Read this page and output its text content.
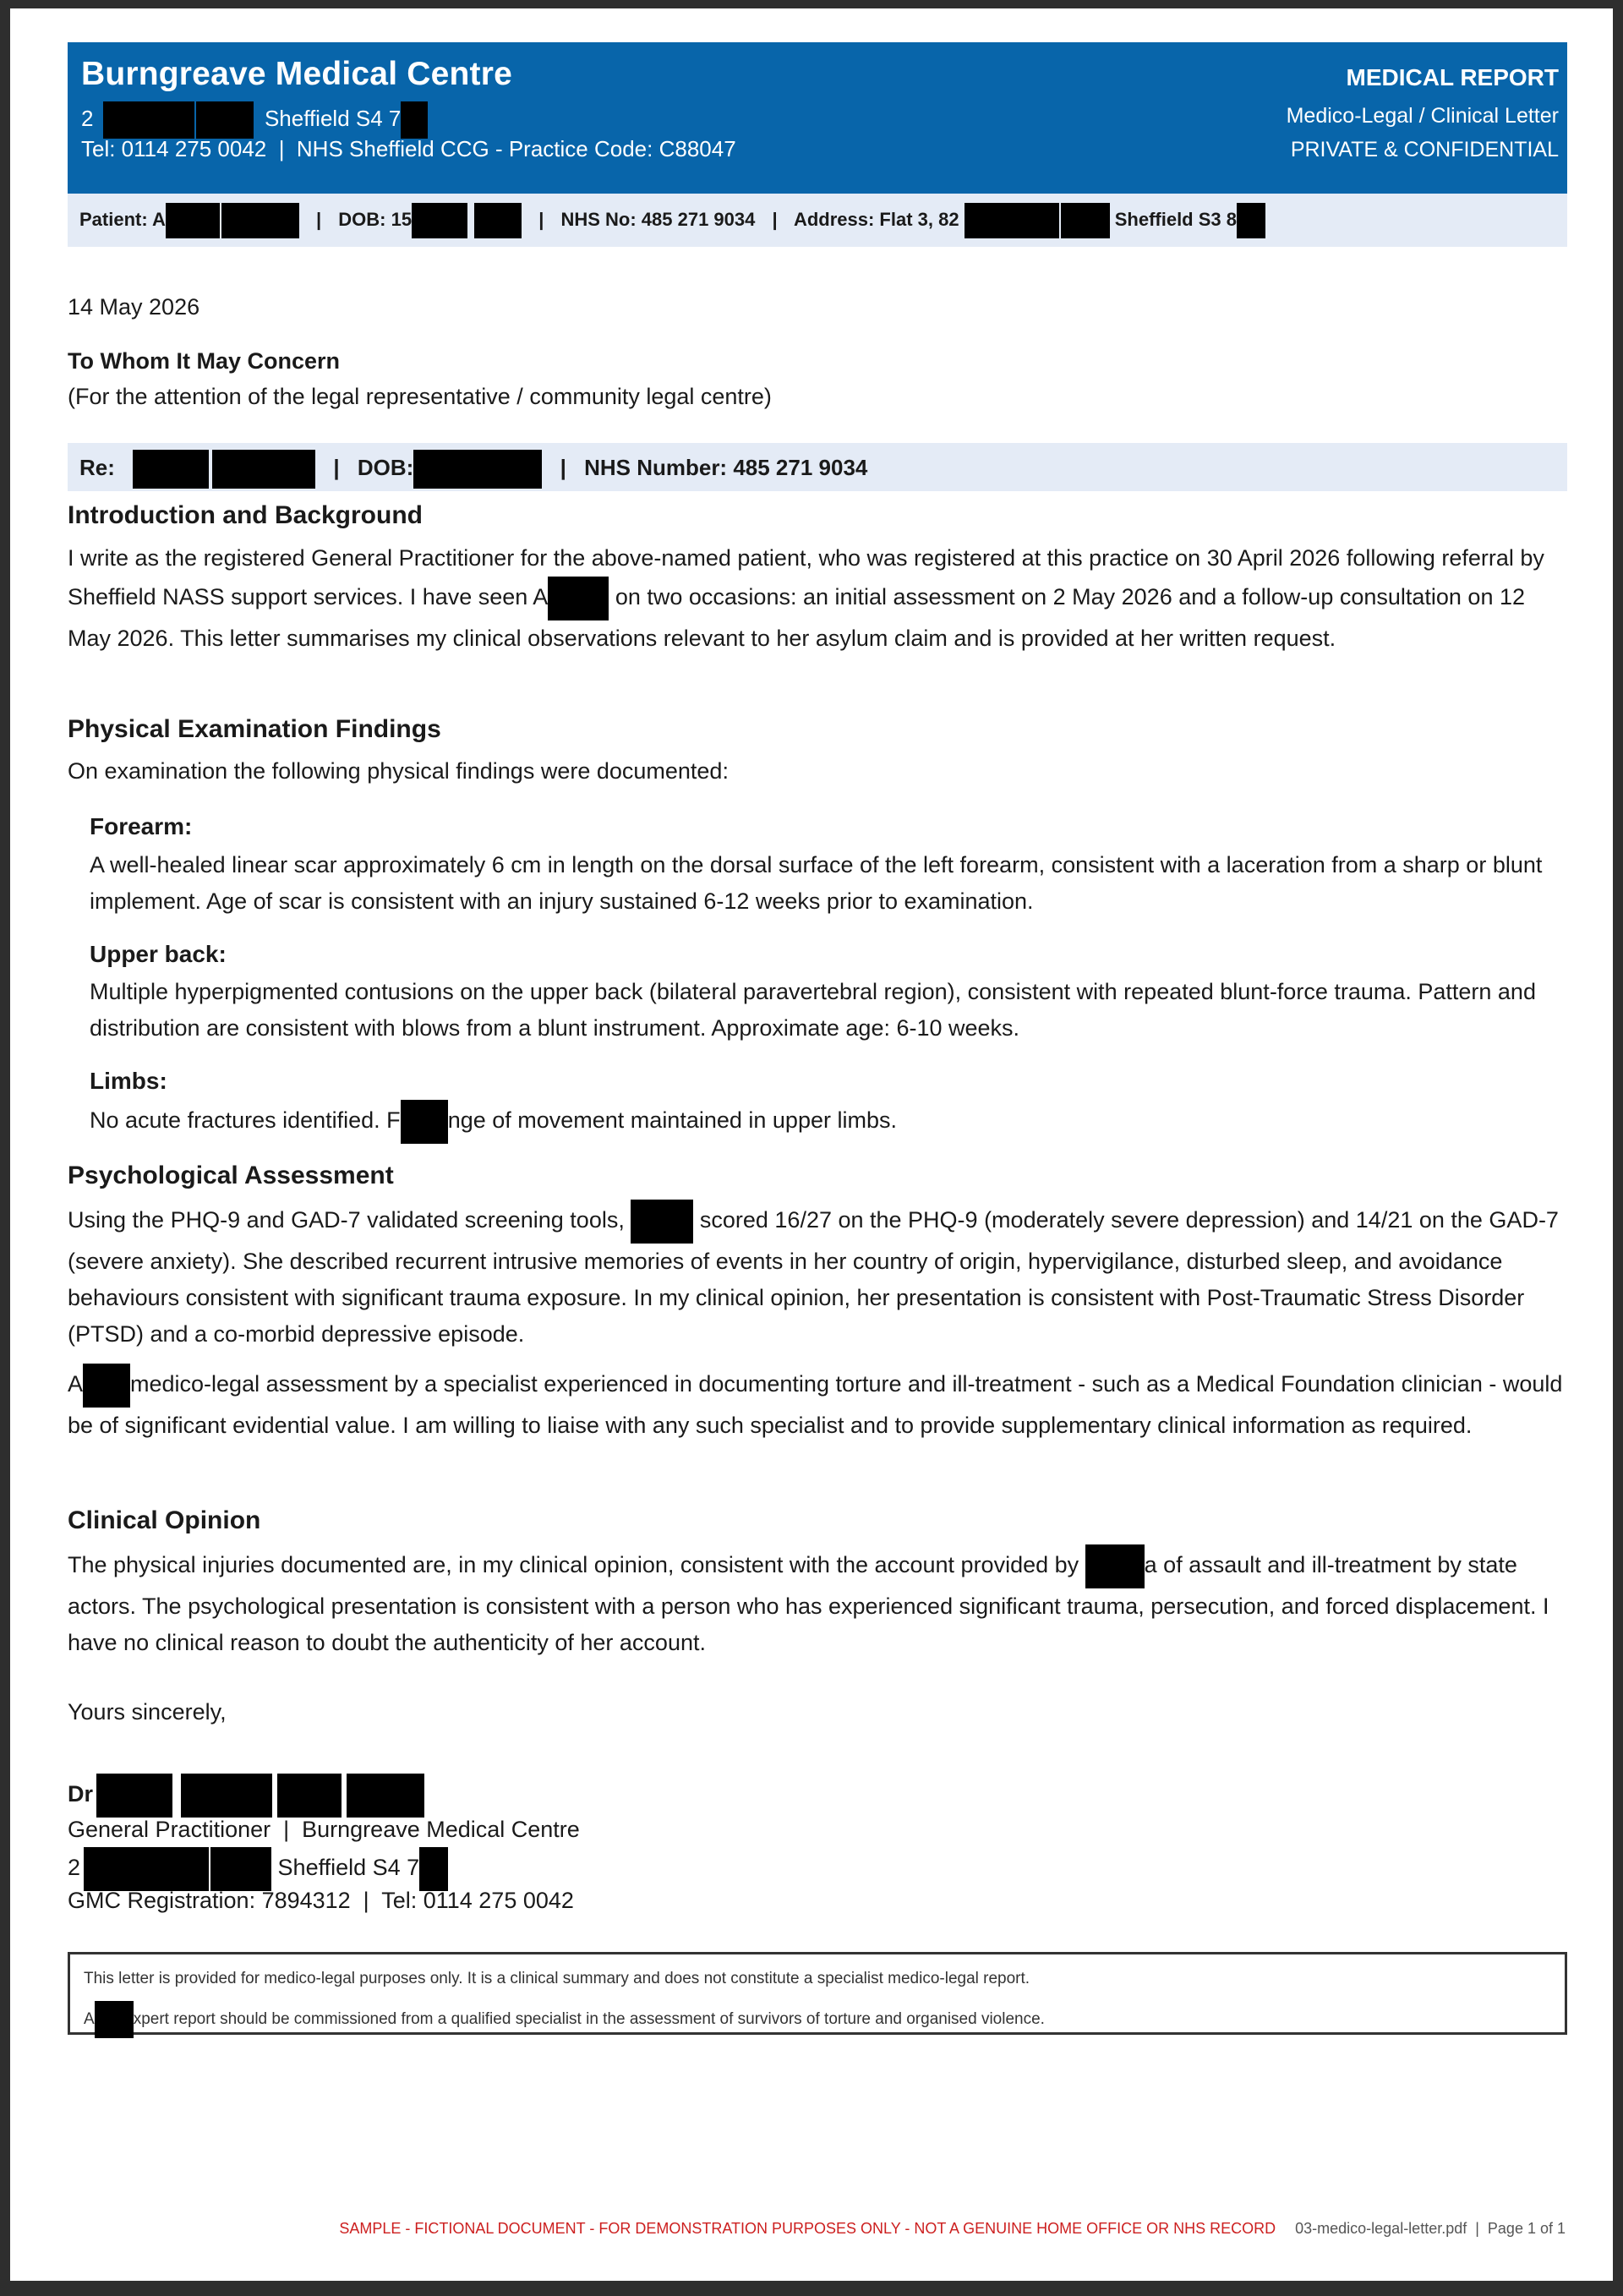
Burngreave Medical Centre
2	Sheffield S4 7
Tel: 0114 275 0042  |  NHS Sheffield CCG - Practice Code: C88047
MEDICAL REPORT
Medico-Legal / Clinical Letter
PRIVATE & CONFIDENTIAL
Patient: A	| DOB: 15	| NHS No: 485 271 9034 | Address: Flat 3, 82	Sheffield S3 8
14 May 2026
To Whom It May Concern
(For the attention of the legal representative / community legal centre)
Re:	| DOB:	| NHS Number: 485 271 9034
Introduction and Background
I write as the registered General Practitioner for the above-named patient, who was registered at this practice on 30 April 2026 following referral by Sheffield NASS support services. I have seen A	on two occasions: an initial assessment on 2 May 2026 and a follow-up consultation on 12 May 2026. This letter summarises my clinical observations relevant to her asylum claim and is provided at her written request.
Physical Examination Findings
On examination the following physical findings were documented:
Forearm:
A well-healed linear scar approximately 6 cm in length on the dorsal surface of the left forearm, consistent with a laceration from a sharp or blunt implement. Age of scar is consistent with an injury sustained 6-12 weeks prior to examination.
Upper back:
Multiple hyperpigmented contusions on the upper back (bilateral paravertebral region), consistent with repeated blunt-force trauma. Pattern and distribution are consistent with blows from a blunt instrument. Approximate age: 6-10 weeks.
Limbs:
No acute fractures identified. F nge of movement maintained in upper limbs.
Psychological Assessment
Using the PHQ-9 and GAD-7 validated screening tools,	scored 16/27 on the PHQ-9 (moderately severe depression) and 14/21 on the GAD-7 (severe anxiety). She described recurrent intrusive memories of events in her country of origin, hypervigilance, disturbed sleep, and avoidance behaviours consistent with significant trauma exposure. In my clinical opinion, her presentation is consistent with Post-Traumatic Stress Disorder (PTSD) and a co-morbid depressive episode.
A medico-legal assessment by a specialist experienced in documenting torture and ill-treatment - such as a Medical Foundation clinician - would be of significant evidential value. I am willing to liaise with any such specialist and to provide supplementary clinical information as required.
Clinical Opinion
The physical injuries documented are, in my clinical opinion, consistent with the account provided by	a of assault and ill-treatment by state actors. The psychological presentation is consistent with a person who has experienced significant trauma, persecution, and forced displacement. I have no clinical reason to doubt the authenticity of her account.
Yours sincerely,
Dr
General Practitioner  |  Burngreave Medical Centre
2	Sheffield S4 7
GMC Registration: 7894312  |  Tel: 0114 275 0042
This letter is provided for medico-legal purposes only. It is a clinical summary and does not constitute a specialist medico-legal report.
A xpert report should be commissioned from a qualified specialist in the assessment of survivors of torture and organised violence.
SAMPLE - FICTIONAL DOCUMENT - FOR DEMONSTRATION PURPOSES ONLY - NOT A GENUINE HOME OFFICE OR NHS RECORD 03-medico-legal-letter.pdf  |  Page 1 of 1
